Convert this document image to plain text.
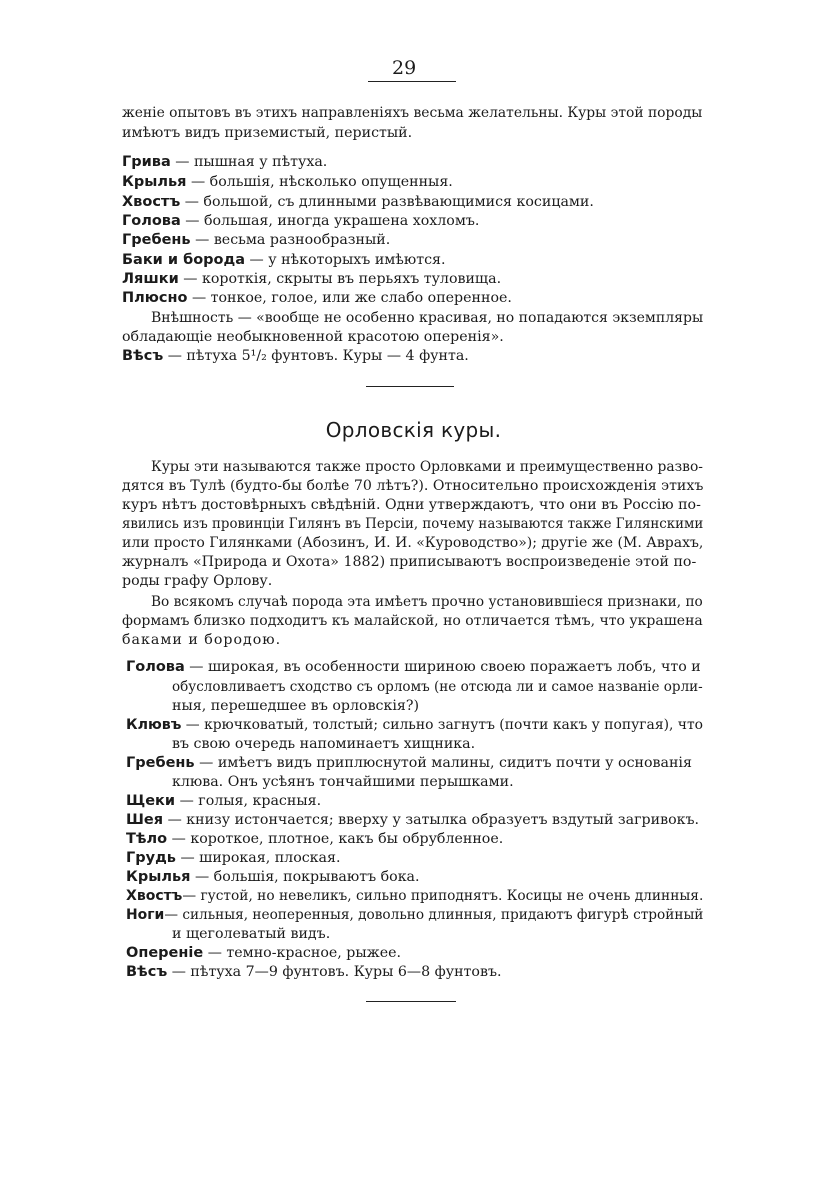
29
женіе опытовъ въ этихъ направленіяхъ весьма желательны. Куры этой породы
имѣютъ видъ приземистый, перистый.
Грива — пышная у пѣтуха.
Крылья — большія, нѣсколько опущенныя.
Хвостъ — большой, съ длинными развѣвающимися косицами.
Голова — большая, иногда украшена хохломъ.
Гребень — весьма разнообразный.
Баки и борода — у нѣкоторыхъ имѣются.
Ляшки — короткія, скрыты въ перьяхъ туловища.
Плюсно — тонкое, голое, или же слабо оперенное.
Внѣшность — «вообще не особенно красивая, но попадаются экземпляры
обладающіе необыкновенной красотою оперенія».
Вѣсъ — пѣтуха 5¹/₂ фунтовъ. Куры — 4 фунта.
Орловскія куры.
Куры эти называются также просто Орловками и преимущественно разво-
дятся въ Тулѣ (будто-бы болѣе 70 лѣтъ?). Относительно происхожденія этихъ
куръ нѣтъ достовѣрныхъ свѣдѣній. Одни утверждаютъ, что они въ Россію по-
явились изъ провинціи Гилянъ въ Персіи, почему называются также Гилянскими
или просто Гилянками (Абозинъ, И. И. «Куроводство»); другіе же (М. Аврахъ,
журналъ «Природа и Охота» 1882) приписываютъ воспроизведеніе этой по-
роды графу Орлову.
Во всякомъ случаѣ порода эта имѣетъ прочно установившіеся признаки, по
формамъ близко подходитъ къ малайской, но отличается тѣмъ, что украшена
баками и бородою.
Голова — широкая, въ особенности шириною своею поражаетъ лобъ, что и
обусловливаетъ сходство съ орломъ (не отсюда ли и самое названіе орли-
ныя, перешедшее въ орловскія?)
Клювъ — крючковатый, толстый; сильно загнутъ (почти какъ у попугая), что
въ свою очередь напоминаетъ хищника.
Гребень — имѣетъ видъ приплюснутой малины, сидитъ почти у основанія
клюва. Онъ усѣянъ тончайшими перышками.
Щеки — голыя, красныя.
Шея — книзу истончается; вверху у затылка образуетъ вздутый загривокъ.
Тѣло — короткое, плотное, какъ бы обрубленное.
Грудь — широкая, плоская.
Крылья — большія, покрываютъ бока.
Хвостъ— густой, но невеликъ, сильно приподнятъ. Косицы не очень длинныя.
Ноги— сильныя, неоперенныя, довольно длинныя, придаютъ фигурѣ стройный
и щеголеватый видъ.
Опереніе — темно-красное, рыжее.
Вѣсъ — пѣтуха 7—9 фунтовъ. Куры 6—8 фунтовъ.
